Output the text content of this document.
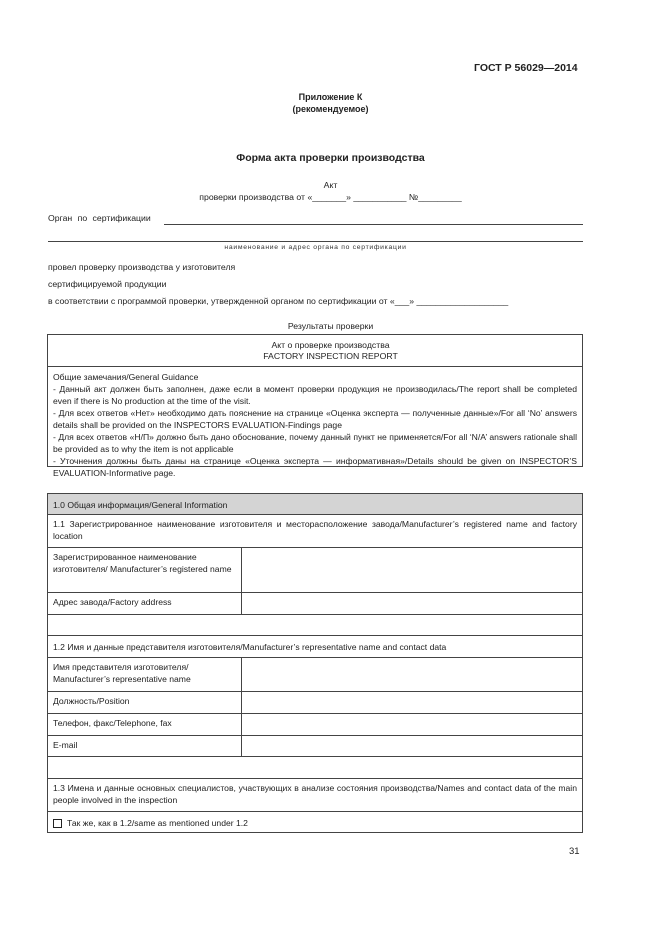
ГОСТ Р 56029—2014
Приложение К
(рекомендуемое)
Форма акта проверки производства
Акт
проверки производства от «_______» ___________ №_________
Орган по сертификации
наименование и адрес органа по сертификации
провел проверку производства у изготовителя
сертифицируемой продукции
в соответствии с программой проверки, утвержденной органом по сертификации от «___» ___________________
Результаты проверки
Акт о проверке производства
FACTORY INSPECTION REPORT
Общие замечания/General Guidance
- Данный акт должен быть заполнен, даже если в момент проверки продукция не производилась/The report shall be completed even if there is No production at the time of the visit.
- Для всех ответов «Нет» необходимо дать пояснение на странице «Оценка эксперта — полученные данные»/For all ‘No’ answers details shall be provided on the INSPECTORS EVALUATION-Findings page
- Для всех ответов «Н/П» должно быть дано обоснование, почему данный пункт не применяется/For all ‘N/A’ answers rationale shall be provided as to why the item is not applicable
- Уточнения должны быть даны на странице «Оценка эксперта — информативная»/Details should be given on INSPECTOR’S EVALUATION-Informative page.
1.0 Общая информация/General Information
1.1 Зарегистрированное наименование изготовителя и месторасположение завода/Manufacturer’s registered name and factory location
Зарегистрированное наименование изготовителя/ Manufacturer’s registered name
Адрес завода/Factory address
1.2 Имя и данные представителя изготовителя/Manufacturer’s representative name and contact data
Имя представителя изготовителя/ Manufacturer’s representative name
Должность/Position
Телефон, факс/Telephone, fax
E-mail
1.3 Имена и данные основных специалистов, участвующих в анализе состояния производства/Names and contact data of the main people involved in the inspection
Так же, как в 1.2/same as mentioned under 1.2
31
